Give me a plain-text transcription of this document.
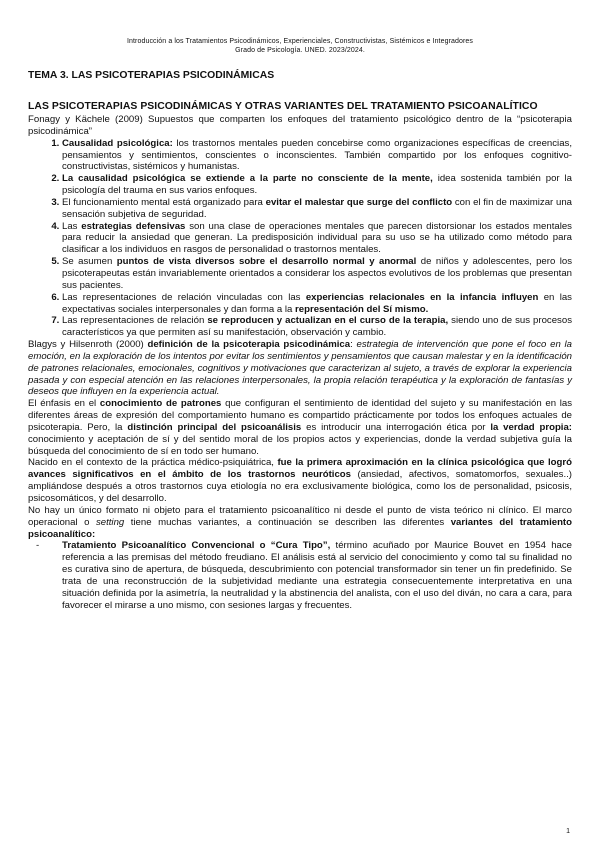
Introducción a los Tratamientos Psicodinámicos, Experienciales, Constructivistas, Sistémicos e Integradores
Grado de Psicología. UNED. 2023/2024.
TEMA 3. LAS PSICOTERAPIAS PSICODINÁMICAS
LAS PSICOTERAPIAS PSICODINÁMICAS Y OTRAS VARIANTES DEL TRATAMIENTO PSICOANALÍTICO

Fonagy y Kächele (2009) Supuestos que comparten los enfoques del tratamiento psicológico dentro de la “psicoterapia psicodinámica”

1. Causalidad psicológica: los trastornos mentales pueden concebirse como organizaciones específicas de creencias, pensamientos y sentimientos, conscientes o inconscientes. También compartido por los enfoques cognitivo-constructivistas, sistémicos y humanistas.
2. La causalidad psicológica se extiende a la parte no consciente de la mente, idea sostenida también por la psicología del trauma en sus varios enfoques.
3. El funcionamiento mental está organizado para evitar el malestar que surge del conflicto con el fin de maximizar una sensación subjetiva de seguridad.
4. Las estrategias defensivas son una clase de operaciones mentales que parecen distorsionar los estados mentales para reducir la ansiedad que generan. La predisposición individual para su uso se ha utilizado como método para clasificar a los individuos en rasgos de personalidad o trastornos mentales.
5. Se asumen puntos de vista diversos sobre el desarrollo normal y anormal de niños y adolescentes, pero los psicoterapeutas están invariablemente orientados a considerar los aspectos evolutivos de los problemas que presentan sus pacientes.
6. Las representaciones de relación vinculadas con las experiencias relacionales en la infancia influyen en las expectativas sociales interpersonales y dan forma a la representación del Sí mismo.
7. Las representaciones de relación se reproducen y actualizan en el curso de la terapia, siendo uno de sus procesos característicos ya que permiten así su manifestación, observación y cambio.

Blagys y Hilsenroth (2000) definición de la psicoterapia psicodinámica: estrategia de intervención que pone el foco en la emoción, en la exploración de los intentos por evitar los sentimientos y pensamientos que causan malestar y en la identificación de patrones relacionales, emocionales, cognitivos y motivaciones que caracterizan al sujeto, a través de explorar la experiencia pasada y con especial atención en las relaciones interpersonales, la propia relación terapéutica y la exploración de fantasías y deseos que influyen en la experiencia actual.

El énfasis en el conocimiento de patrones que configuran el sentimiento de identidad del sujeto y su manifestación en las diferentes áreas de expresión del comportamiento humano es compartido prácticamente por todos los enfoques actuales de psicoterapia. Pero, la distinción principal del psicoanálisis es introducir una interrogación ética por la verdad propia: conocimiento y aceptación de sí y del sentido moral de los propios actos y experiencias, donde la verdad subjetiva guía la búsqueda del conocimiento de sí en todo ser humano.

Nacido en el contexto de la práctica médico-psiquiátrica, fue la primera aproximación en la clínica psicológica que logró avances significativos en el ámbito de los trastornos neuróticos (ansiedad, afectivos, somatomorfos, sexuales..) ampliándose después a otros trastornos cuya etiología no era exclusivamente biológica, como los de personalidad, psicosis, psicosomáticos, y del desarrollo.

No hay un único formato ni objeto para el tratamiento psicoanalítico ni desde el punto de vista teórico ni clínico. El marco operacional o setting tiene muchas variantes, a continuación se describen las diferentes variantes del tratamiento psicoanalítico:

- Tratamiento Psicoanalítico Convencional o “Cura Tipo”, término acuñado por Maurice Bouvet en 1954 hace referencia a las premisas del método freudiano. El análisis está al servicio del conocimiento y como tal su finalidad no es curativa sino de apertura, de búsqueda, descubrimiento con potencial transformador sin tener un fin predefinido. Se trata de una reconstrucción de la subjetividad mediante una estrategia consecuentemente interpretativa en una situación definida por la asimetría, la neutralidad y la abstinencia del analista, con el uso del diván, no cara a cara, para favorecer el mirarse a uno mismo, con sesiones largas y frecuentes.
1
